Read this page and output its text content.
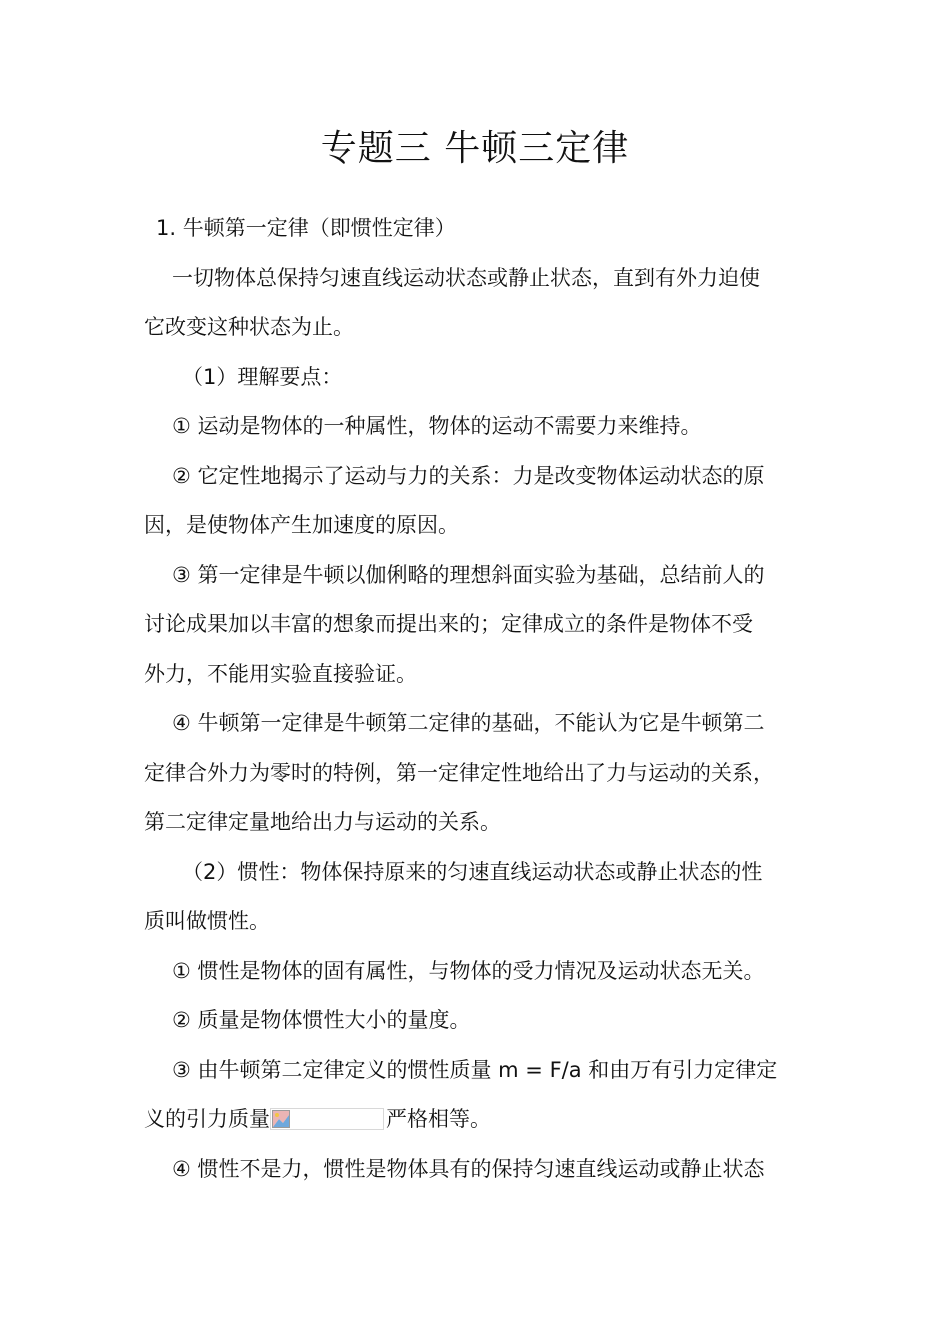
专题三 牛顿三定律
1. 牛顿第一定律（即惯性定律）
一切物体总保持匀速直线运动状态或静止状态，直到有外力迫使
它改变这种状态为止。
（1）理解要点：
① 运动是物体的一种属性，物体的运动不需要力来维持。
② 它定性地揭示了运动与力的关系：力是改变物体运动状态的原
因，是使物体产生加速度的原因。
③ 第一定律是牛顿以伽俐略的理想斜面实验为基础，总结前人的
讨论成果加以丰富的想象而提出来的；定律成立的条件是物体不受
外力，不能用实验直接验证。
④ 牛顿第一定律是牛顿第二定律的基础，不能认为它是牛顿第二
定律合外力为零时的特例，第一定律定性地给出了力与运动的关系，
第二定律定量地给出力与运动的关系。
（2）惯性：物体保持原来的匀速直线运动状态或静止状态的性
质叫做惯性。
① 惯性是物体的固有属性，与物体的受力情况及运动状态无关。
② 质量是物体惯性大小的量度。
③ 由牛顿第二定律定义的惯性质量 m = F/a 和由万有引力定律定
义的引力质量	严格相等。
④ 惯性不是力，惯性是物体具有的保持匀速直线运动或静止状态
